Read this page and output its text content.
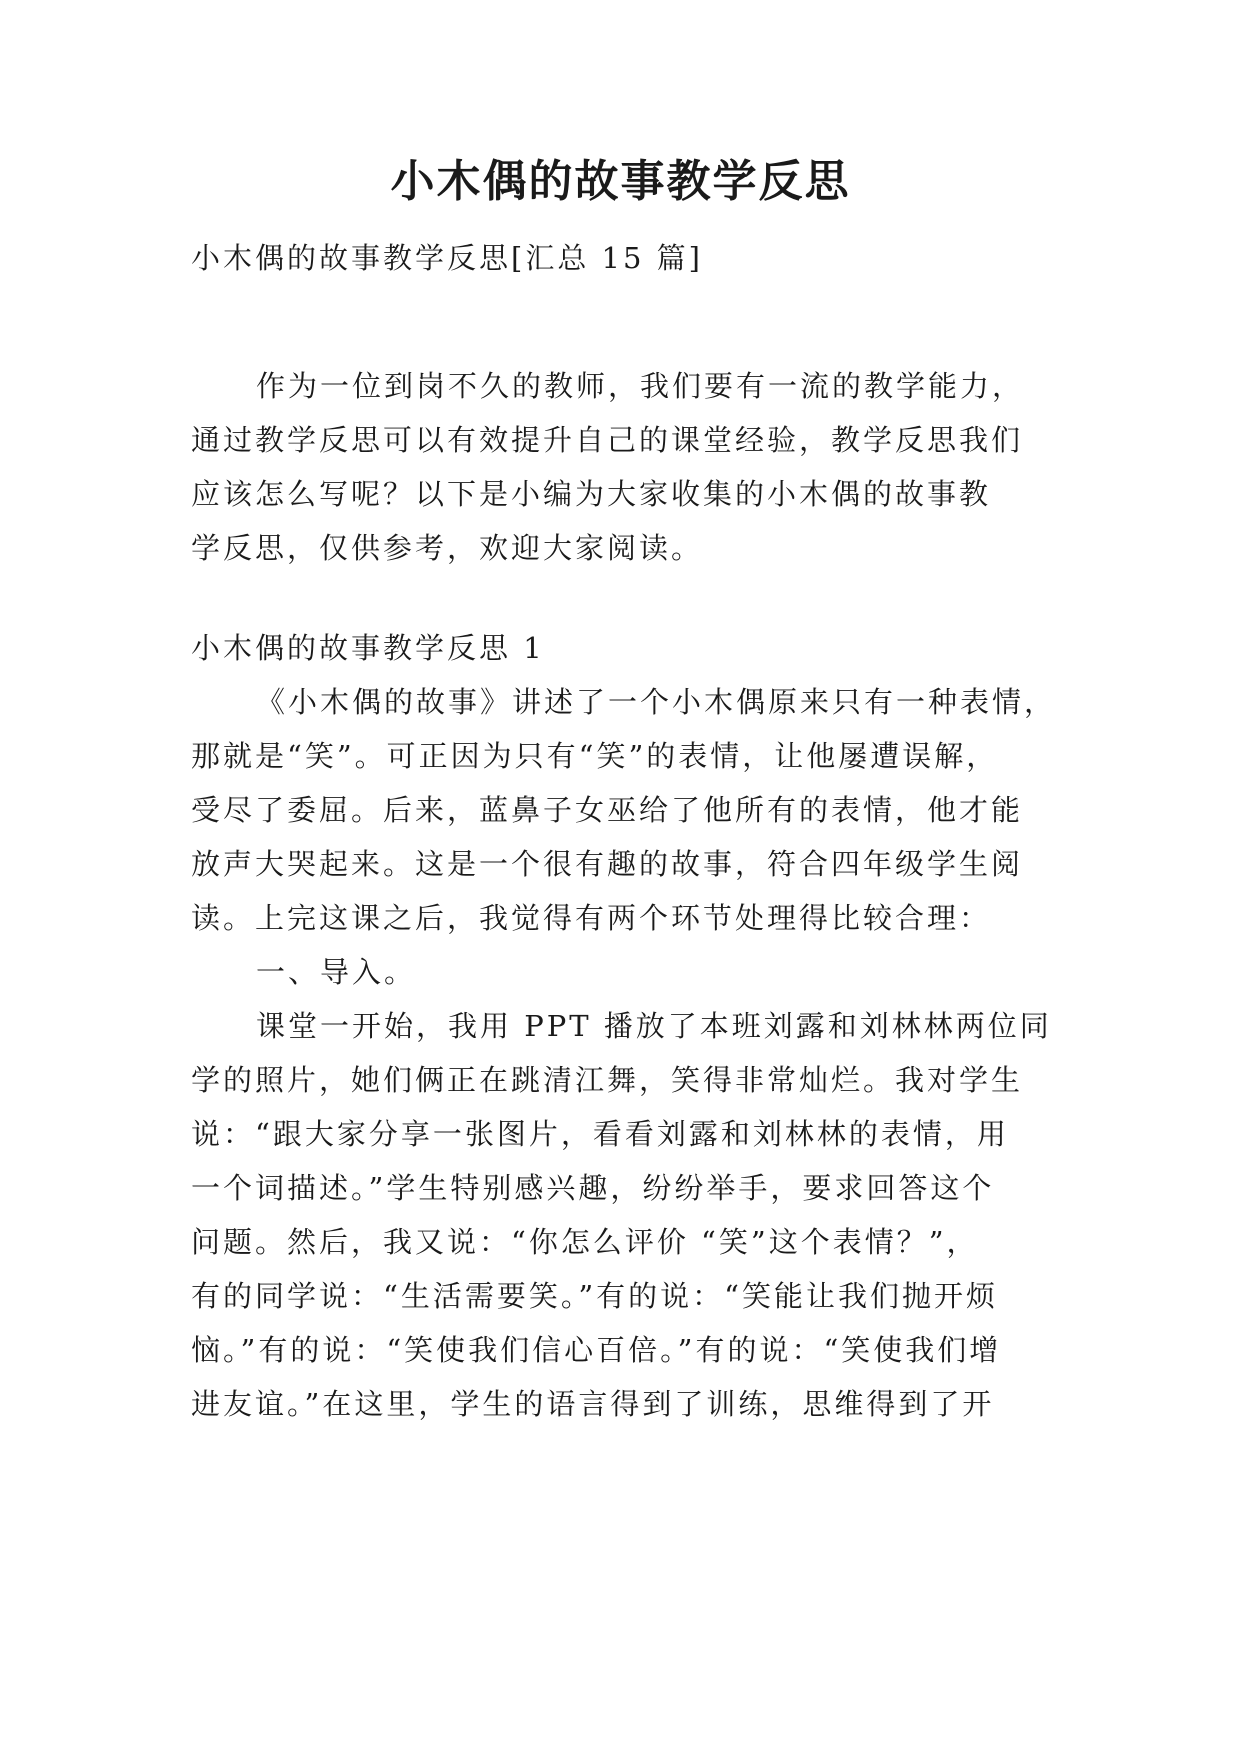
小木偶的故事教学反思
小木偶的故事教学反思[汇总 15 篇]
作为一位到岗不久的教师，我们要有一流的教学能力，
通过教学反思可以有效提升自己的课堂经验，教学反思我们
应该怎么写呢？以下是小编为大家收集的小木偶的故事教
学反思，仅供参考，欢迎大家阅读。
小木偶的故事教学反思 1
《小木偶的故事》讲述了一个小木偶原来只有一种表情，
那就是“笑”。可正因为只有“笑”的表情，让他屡遭误解，
受尽了委屈。后来，蓝鼻子女巫给了他所有的表情，他才能
放声大哭起来。这是一个很有趣的故事，符合四年级学生阅
读。上完这课之后，我觉得有两个环节处理得比较合理：
一、导入。
课堂一开始，我用 PPT 播放了本班刘露和刘林林两位同
学的照片，她们俩正在跳清江舞，笑得非常灿烂。我对学生
说：“跟大家分享一张图片，看看刘露和刘林林的表情，用
一个词描述。”学生特别感兴趣，纷纷举手，要求回答这个
问题。然后，我又说：“你怎么评价 “笑”这个表情？”，
有的同学说：“生活需要笑。”有的说：“笑能让我们抛开烦
恼。”有的说：“笑使我们信心百倍。”有的说：“笑使我们增
进友谊。”在这里，学生的语言得到了训练，思维得到了开
